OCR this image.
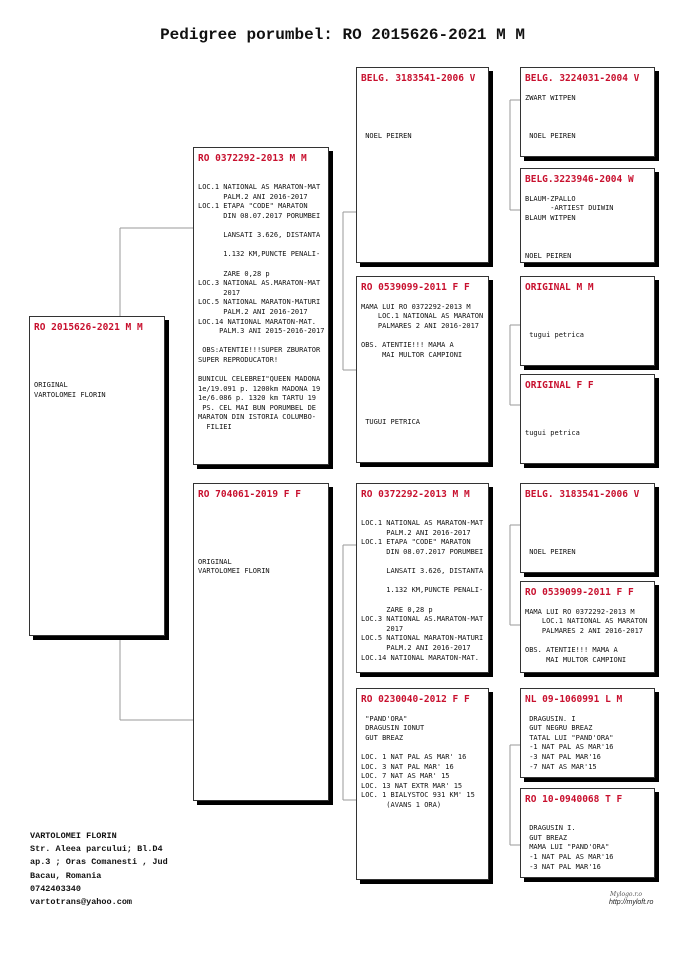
Pedigree porumbel: RO 2015626-2021 M M
RO 2015626-2021 M M

ORIGINAL
VARTOLOMEI FLORIN
RO 0372292-2013 M M

LOC.1 NATIONAL AS MARATON-MAT
PALM.2 ANI 2016-2017
LOC.1 ETAPA "CODE" MARATON
DIN 08.07.2017 PORUMBEI

LANSATI 3.626, DISTANTA

1.132 KM,PUNCTE PENALI-

ZARE 0,28 p
LOC.3 NATIONAL AS.MARATON-MAT
2017
LOC.5 NATIONAL MARATON-MATURI
PALM.2 ANI 2016-2017
LOC.14 NATIONAL MARATON-MAT.
PALM.3 ANI 2015-2016-2017

OBS:ATENTIE!!!SUPER ZBURATOR
SUPER REPRODUCATOR!

BUNICUL CELEBREI"QUEEN MADONA
1e/19.091 p. 1200km MADONA 19
1e/6.086 p. 1320 km TARTU 19
PS. CEL MAI BUN PORUMBEL DE
MARATON DIN ISTORIA COLUMBO-
FILIEI
RO 704061-2019 F F

ORIGINAL
VARTOLOMEI FLORIN
BELG. 3183541-2006 V

NOEL PEIREN
RO 0539099-2011 F F

MAMA LUI RO 0372292-2013 M
LOC.1 NATIONAL AS MARATON
PALMARES 2 ANI 2016-2017

OBS. ATENTIE!!! MAMA A
MAI MULTOR CAMPIONI

TUGUI PETRICA
RO 0372292-2013 M M

LOC.1 NATIONAL AS MARATON-MAT
PALM.2 ANI 2016-2017
LOC.1 ETAPA "CODE" MARATON
DIN 08.07.2017 PORUMBEI

LANSATI 3.626, DISTANTA

1.132 KM,PUNCTE PENALI-

ZARE 0,28 p
LOC.3 NATIONAL AS.MARATON-MAT
2017
LOC.5 NATIONAL MARATON-MATURI
PALM.2 ANI 2016-2017
LOC.14 NATIONAL MARATON-MAT.
RO 0230040-2012 F F

"PAND'ORA"
DRAGUSIN IONUT
GUT BREAZ

LOC. 1 NAT PAL AS MAR' 16
LOC. 3 NAT PAL MAR' 16
LOC. 7 NAT AS MAR' 15
LOC. 13 NAT EXTR MAR' 15
LOC. 1 BIALYSTOC 931 KM' 15
(AVANS 1 ORA)
BELG. 3224031-2004 V

ZWART WITPEN

NOEL PEIREN
BELG.3223946-2004 W

BLAUM-ZPALLO
-ARTIEST DUIWIN
BLAUM WITPEN

NOEL PEIREN
ORIGINAL M M

tugui petrica
ORIGINAL F F

tugui petrica
BELG. 3183541-2006 V

NOEL PEIREN
RO 0539099-2011 F F

MAMA LUI RO 0372292-2013 M
LOC.1 NATIONAL AS MARATON
PALMARES 2 ANI 2016-2017

OBS. ATENTIE!!! MAMA A
MAI MULTOR CAMPIONI
NL 09-1060991 L M

DRAGUSIN. I
GUT NEGRU BREAZ
TATAL LUI "PAND'ORA"
-1 NAT PAL AS MAR'16
-3 NAT PAL MAR'16
-7 NAT AS MAR'15
RO 10-0940068 T F

DRAGUSIN I.
GUT BREAZ
MAMA LUI "PAND'ORA"
-1 NAT PAL AS MAR'16
-3 NAT PAL MAR'16
VARTOLOMEI FLORIN
Str. Aleea parcului; Bl.D4
ap.3 ; Oras Comanesti , Jud
Bacau, Romania
0742403340
vartotrans@yahoo.com
Mylogo.r.o
http://myloft.ro
